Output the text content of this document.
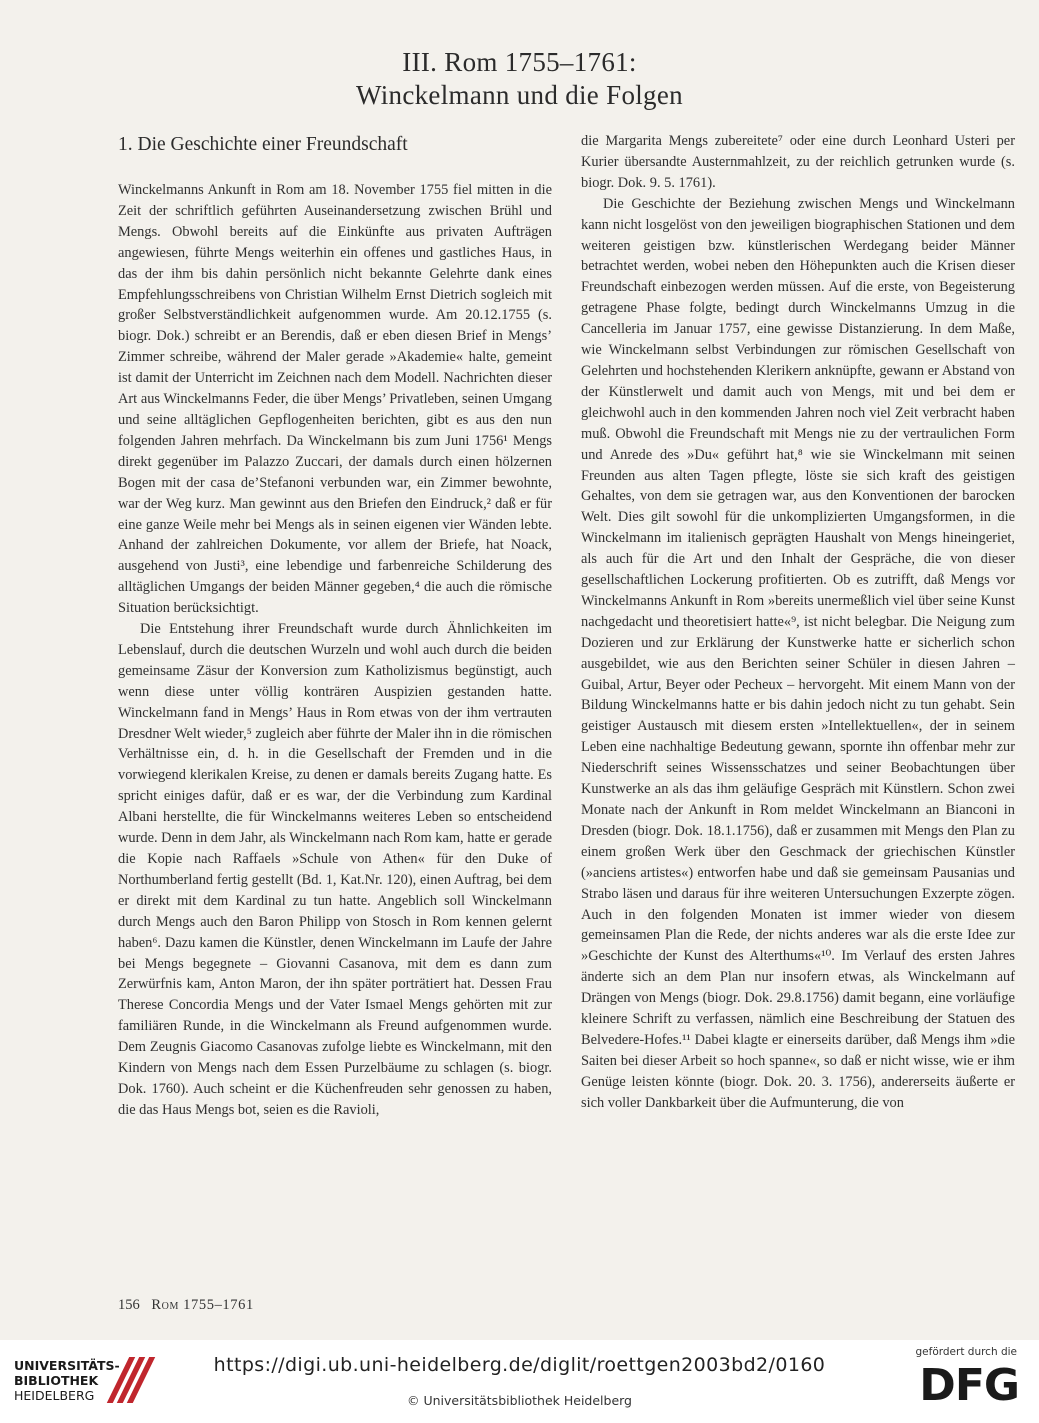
III. Rom 1755–1761:
Winckelmann und die Folgen
1. Die Geschichte einer Freundschaft

Winckelmanns Ankunft in Rom am 18. November 1755 fiel mitten in die Zeit der schriftlich geführten Auseinandersetzung zwischen Brühl und Mengs. Obwohl bereits auf die Einkünfte aus privaten Aufträgen angewiesen, führte Mengs weiterhin ein offenes und gastliches Haus, in das der ihm bis dahin persönlich nicht bekannte Gelehrte dank eines Empfehlungsschreibens von Christian Wilhelm Ernst Dietrich sogleich mit großer Selbstverständlichkeit aufgenommen wurde. Am 20.12.1755 (s. biogr. Dok.) schreibt er an Berendis, daß er eben diesen Brief in Mengs’ Zimmer schreibe, während der Maler gerade »Akademie« halte, gemeint ist damit der Unterricht im Zeichnen nach dem Modell. Nachrichten dieser Art aus Winckelmanns Feder, die über Mengs’ Privatleben, seinen Umgang und seine alltäglichen Gepflogenheiten berichten, gibt es aus den nun folgenden Jahren mehrfach. Da Winckelmann bis zum Juni 1756¹ Mengs direkt gegenüber im Palazzo Zuccari, der damals durch einen hölzernen Bogen mit der casa de’Stefanoni verbunden war, ein Zimmer bewohnte, war der Weg kurz. Man gewinnt aus den Briefen den Eindruck,² daß er für eine ganze Weile mehr bei Mengs als in seinen eigenen vier Wänden lebte. Anhand der zahlreichen Dokumente, vor allem der Briefe, hat Noack, ausgehend von Justi³, eine lebendige und farbenreiche Schilderung des alltäglichen Umgangs der beiden Männer gegeben,⁴ die auch die römische Situation berücksichtigt.

Die Entstehung ihrer Freundschaft wurde durch Ähnlichkeiten im Lebenslauf, durch die deutschen Wurzeln und wohl auch durch die beiden gemeinsame Zäsur der Konversion zum Katholizismus begünstigt, auch wenn diese unter völlig konträren Auspizien gestanden hatte. Winckelmann fand in Mengs’ Haus in Rom etwas von der ihm vertrauten Dresdner Welt wieder,⁵ zugleich aber führte der Maler ihn in die römischen Verhältnisse ein, d. h. in die Gesellschaft der Fremden und in die vorwiegend klerikalen Kreise, zu denen er damals bereits Zugang hatte. Es spricht einiges dafür, daß er es war, der die Verbindung zum Kardinal Albani herstellte, die für Winckelmanns weiteres Leben so entscheidend wurde. Denn in dem Jahr, als Winckelmann nach Rom kam, hatte er gerade die Kopie nach Raffaels »Schule von Athen« für den Duke of Northumberland fertig gestellt (Bd. 1, Kat.Nr. 120), einen Auftrag, bei dem er direkt mit dem Kardinal zu tun hatte. Angeblich soll Winckelmann durch Mengs auch den Baron Philipp von Stosch in Rom kennen gelernt haben⁶. Dazu kamen die Künstler, denen Winckelmann im Laufe der Jahre bei Mengs begegnete – Giovanni Casanova, mit dem es dann zum Zerwürfnis kam, Anton Maron, der ihn später porträtiert hat. Dessen Frau Therese Concordia Mengs und der Vater Ismael Mengs gehörten mit zur familiären Runde, in die Winckelmann als Freund aufgenommen wurde. Dem Zeugnis Giacomo Casanovas zufolge liebte es Winckelmann, mit den Kindern von Mengs nach dem Essen Purzelbäume zu schlagen (s. biogr. Dok. 1760). Auch scheint er die Küchenfreuden sehr genossen zu haben, die das Haus Mengs bot, seien es die Ravioli,

die Margarita Mengs zubereitete⁷ oder eine durch Leonhard Usteri per Kurier übersandte Austernmahlzeit, zu der reichlich getrunken wurde (s. biogr. Dok. 9. 5. 1761).

Die Geschichte der Beziehung zwischen Mengs und Winckelmann kann nicht losgelöst von den jeweiligen biographischen Stationen und dem weiteren geistigen bzw. künstlerischen Werdegang beider Männer betrachtet werden, wobei neben den Höhepunkten auch die Krisen dieser Freundschaft einbezogen werden müssen. Auf die erste, von Begeisterung getragene Phase folgte, bedingt durch Winckelmanns Umzug in die Cancelleria im Januar 1757, eine gewisse Distanzierung. In dem Maße, wie Winckelmann selbst Verbindungen zur römischen Gesellschaft von Gelehrten und hochstehenden Klerikern anknüpfte, gewann er Abstand von der Künstlerwelt und damit auch von Mengs, mit und bei dem er gleichwohl auch in den kommenden Jahren noch viel Zeit verbracht haben muß. Obwohl die Freundschaft mit Mengs nie zu der vertraulichen Form und Anrede des »Du« geführt hat,⁸ wie sie Winckelmann mit seinen Freunden aus alten Tagen pflegte, löste sie sich kraft des geistigen Gehaltes, von dem sie getragen war, aus den Konventionen der barocken Welt. Dies gilt sowohl für die unkomplizierten Umgangsformen, in die Winckelmann im italienisch geprägten Haushalt von Mengs hineingeriet, als auch für die Art und den Inhalt der Gespräche, die von dieser gesellschaftlichen Lockerung profitierten. Ob es zutrifft, daß Mengs vor Winckelmanns Ankunft in Rom »bereits unermeßlich viel über seine Kunst nachgedacht und theoretisiert hatte«⁹, ist nicht belegbar. Die Neigung zum Dozieren und zur Erklärung der Kunstwerke hatte er sicherlich schon ausgebildet, wie aus den Berichten seiner Schüler in diesen Jahren – Guibal, Artur, Beyer oder Pecheux – hervorgeht. Mit einem Mann von der Bildung Winckelmanns hatte er bis dahin jedoch nicht zu tun gehabt. Sein geistiger Austausch mit diesem ersten »Intellektuellen«, der in seinem Leben eine nachhaltige Bedeutung gewann, spornte ihn offenbar mehr zur Niederschrift seines Wissensschatzes und seiner Beobachtungen über Kunstwerke an als das ihm geläufige Gespräch mit Künstlern. Schon zwei Monate nach der Ankunft in Rom meldet Winckelmann an Bianconi in Dresden (biogr. Dok. 18.1.1756), daß er zusammen mit Mengs den Plan zu einem großen Werk über den Geschmack der griechischen Künstler (»anciens artistes«) entworfen habe und daß sie gemeinsam Pausanias und Strabo läsen und daraus für ihre weiteren Untersuchungen Exzerpte zögen. Auch in den folgenden Monaten ist immer wieder von diesem gemeinsamen Plan die Rede, der nichts anderes war als die erste Idee zur »Geschichte der Kunst des Alterthums«¹⁰. Im Verlauf des ersten Jahres änderte sich an dem Plan nur insofern etwas, als Winckelmann auf Drängen von Mengs (biogr. Dok. 29.8.1756) damit begann, eine vorläufige kleinere Schrift zu verfassen, nämlich eine Beschreibung der Statuen des Belvedere-Hofes.¹¹ Dabei klagte er einerseits darüber, daß Mengs ihm »die Saiten bei dieser Arbeit so hoch spanne«, so daß er nicht wisse, wie er ihm Genüge leisten könnte (biogr. Dok. 20. 3. 1756), andererseits äußerte er sich voller Dankbarkeit über die Aufmunterung, die von

156 Rom 1755–1761
UNIVERSITÄTS-
BIBLIOTHEK
HEIDELBERG
https://digi.ub.uni-heidelberg.de/diglit/roettgen2003bd2/0160
© Universitätsbibliothek Heidelberg
gefördert durch die
DFG
